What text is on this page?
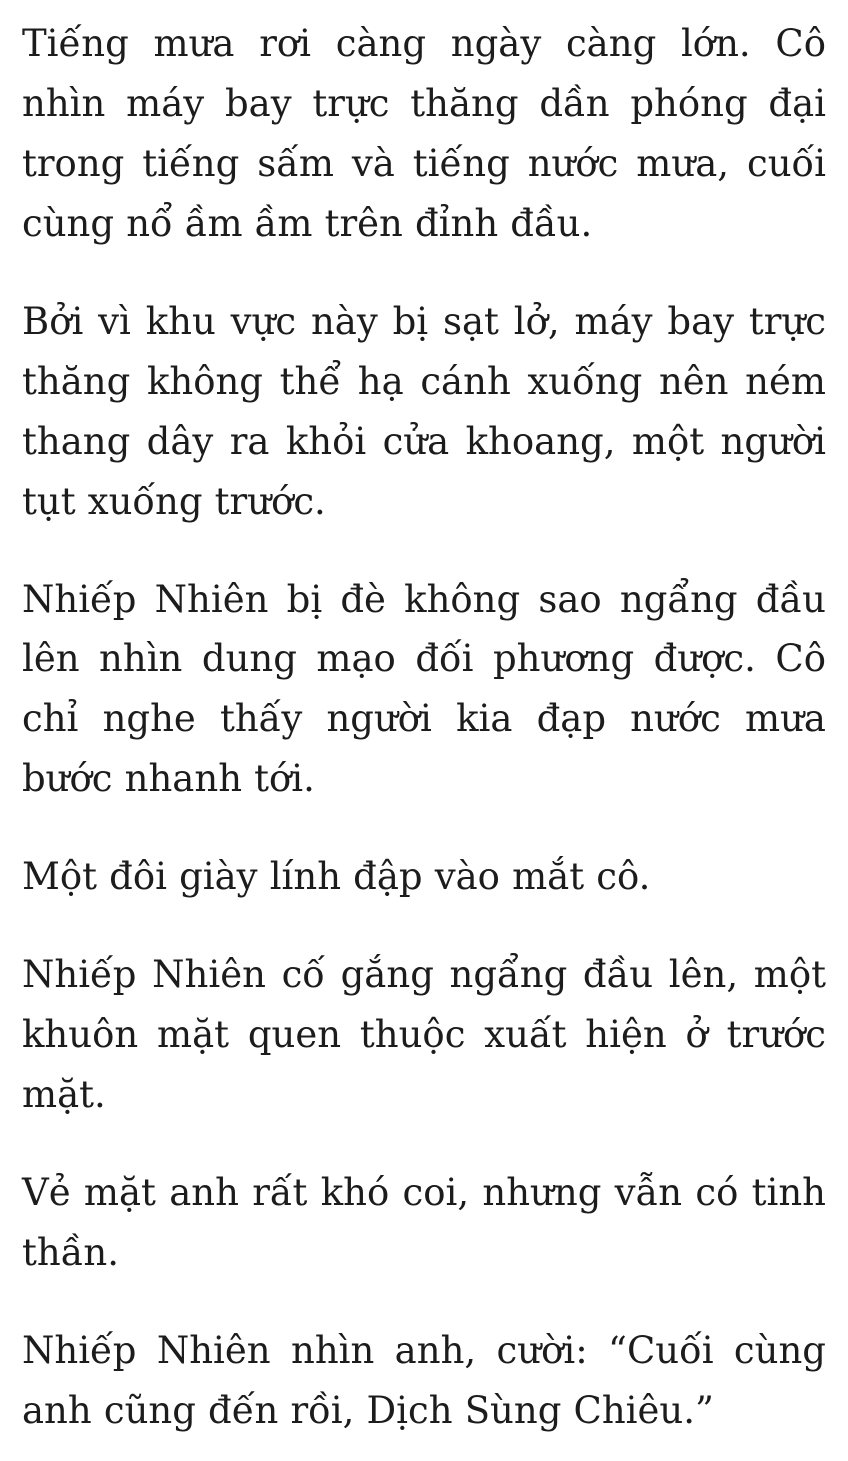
Tiếng mưa rơi càng ngày càng lớn. Cô nhìn máy bay trực thăng dần phóng đại trong tiếng sấm và tiếng nước mưa, cuối cùng nổ ầm ầm trên đỉnh đầu.

Bởi vì khu vực này bị sạt lở, máy bay trực thăng không thể hạ cánh xuống nên ném thang dây ra khỏi cửa khoang, một người tụt xuống trước.

Nhiếp Nhiên bị đè không sao ngẩng đầu lên nhìn dung mạo đối phương được. Cô chỉ nghe thấy người kia đạp nước mưa bước nhanh tới.

Một đôi giày lính đập vào mắt cô.

Nhiếp Nhiên cố gắng ngẩng đầu lên, một khuôn mặt quen thuộc xuất hiện ở trước mặt.

Vẻ mặt anh rất khó coi, nhưng vẫn có tinh thần.

Nhiếp Nhiên nhìn anh, cười: “Cuối cùng anh cũng đến rồi, Dịch Sùng Chiêu.”
